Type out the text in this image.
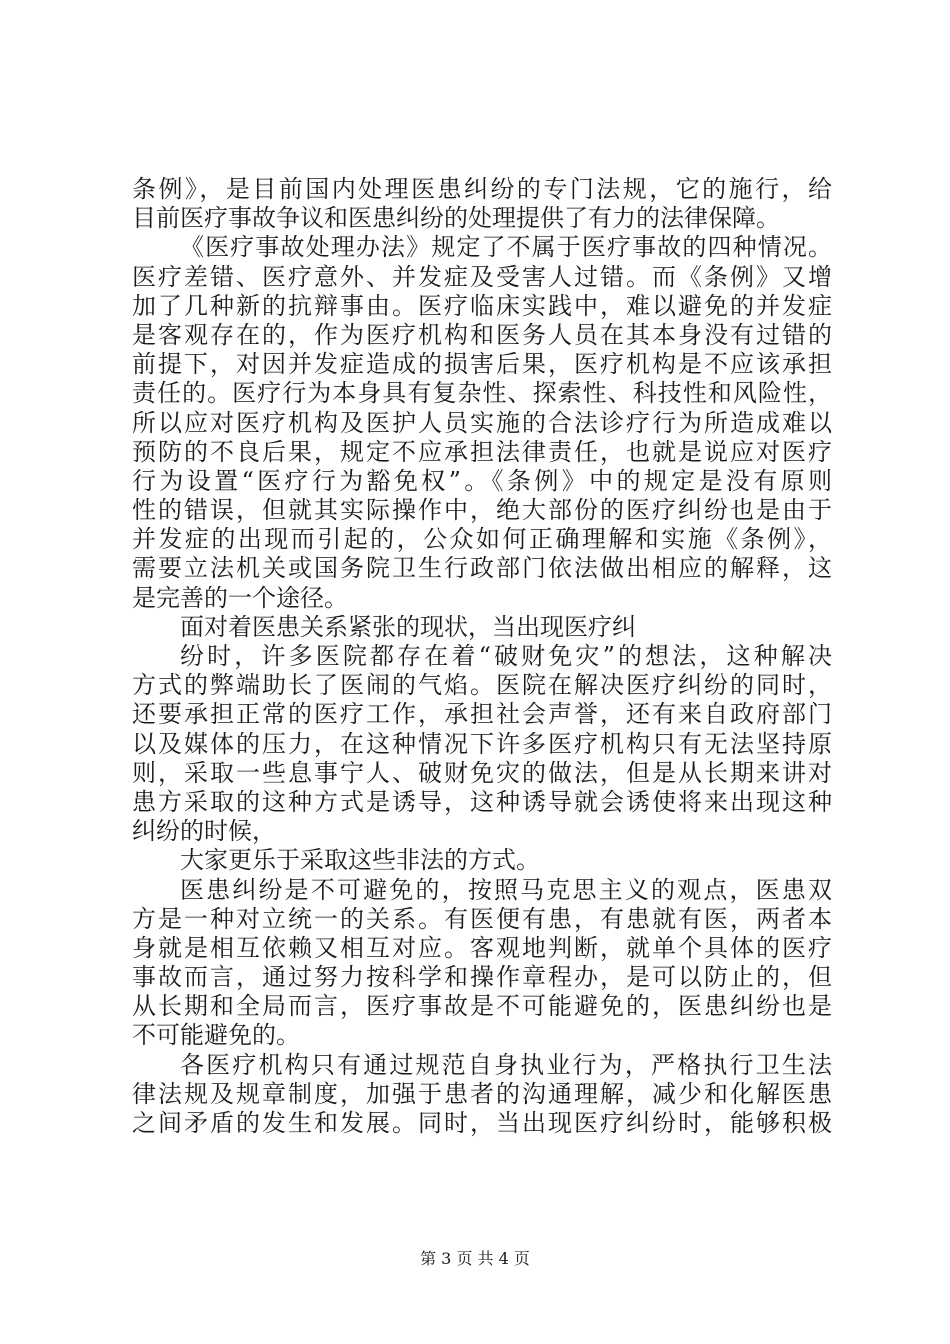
条例》，是目前国内处理医患纠纷的专门法规，它的施行，给
目前医疗事故争议和医患纠纷的处理提供了有力的法律保障。
《医疗事故处理办法》规定了不属于医疗事故的四种情况。
医疗差错、医疗意外、并发症及受害人过错。而《条例》又增
加了几种新的抗辩事由。医疗临床实践中，难以避免的并发症
是客观存在的，作为医疗机构和医务人员在其本身没有过错的
前提下，对因并发症造成的损害后果，医疗机构是不应该承担
责任的。医疗行为本身具有复杂性、探索性、科技性和风险性，
所以应对医疗机构及医护人员实施的合法诊疗行为所造成难以
预防的不良后果，规定不应承担法律责任，也就是说应对医疗
行为设置“医疗行为豁免权”。《条例》中的规定是没有原则
性的错误，但就其实际操作中，绝大部份的医疗纠纷也是由于
并发症的出现而引起的，公众如何正确理解和实施《条例》，
需要立法机关或国务院卫生行政部门依法做出相应的解释，这
是完善的一个途径。
面对着医患关系紧张的现状，当出现医疗纠
纷时，许多医院都存在着“破财免灾”的想法，这种解决
方式的弊端助长了医闹的气焰。医院在解决医疗纠纷的同时，
还要承担正常的医疗工作，承担社会声誉，还有来自政府部门
以及媒体的压力，在这种情况下许多医疗机构只有无法坚持原
则，采取一些息事宁人、破财免灾的做法，但是从长期来讲对
患方采取的这种方式是诱导，这种诱导就会诱使将来出现这种
纠纷的时候，
大家更乐于采取这些非法的方式。
医患纠纷是不可避免的，按照马克思主义的观点，医患双
方是一种对立统一的关系。有医便有患，有患就有医，两者本
身就是相互依赖又相互对应。客观地判断，就单个具体的医疗
事故而言，通过努力按科学和操作章程办，是可以防止的，但
从长期和全局而言，医疗事故是不可能避免的，医患纠纷也是
不可能避免的。
各医疗机构只有通过规范自身执业行为，严格执行卫生法
律法规及规章制度，加强于患者的沟通理解，减少和化解医患
之间矛盾的发生和发展。同时，当出现医疗纠纷时，能够积极
第 3 页 共 4 页
